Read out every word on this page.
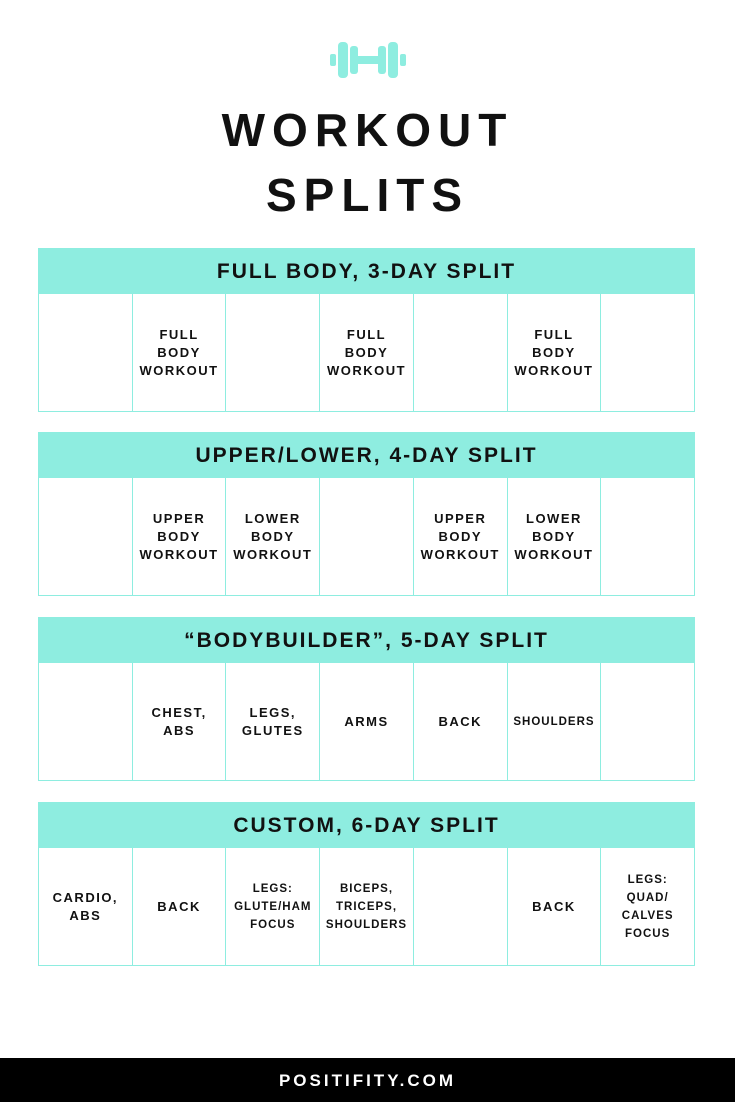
WORKOUT
SPLITS
FULL BODY, 3-DAY SPLIT
FULL
BODY
WORKOUT
FULL
BODY
WORKOUT
FULL
BODY
WORKOUT
UPPER/LOWER, 4-DAY SPLIT
UPPER
BODY
WORKOUT
LOWER
BODY
WORKOUT
UPPER
BODY
WORKOUT
LOWER
BODY
WORKOUT
“BODYBUILDER”, 5-DAY SPLIT
CHEST,
ABS
LEGS,
GLUTES
ARMS	BACK	SHOULDERS
CUSTOM, 6-DAY SPLIT
CARDIO,
ABS
BACK
LEGS:
GLUTE/HAM
FOCUS
BICEPS,
TRICEPS,
SHOULDERS
BACK
LEGS:
QUAD/
CALVES
FOCUS
POSITIFITY.COM
